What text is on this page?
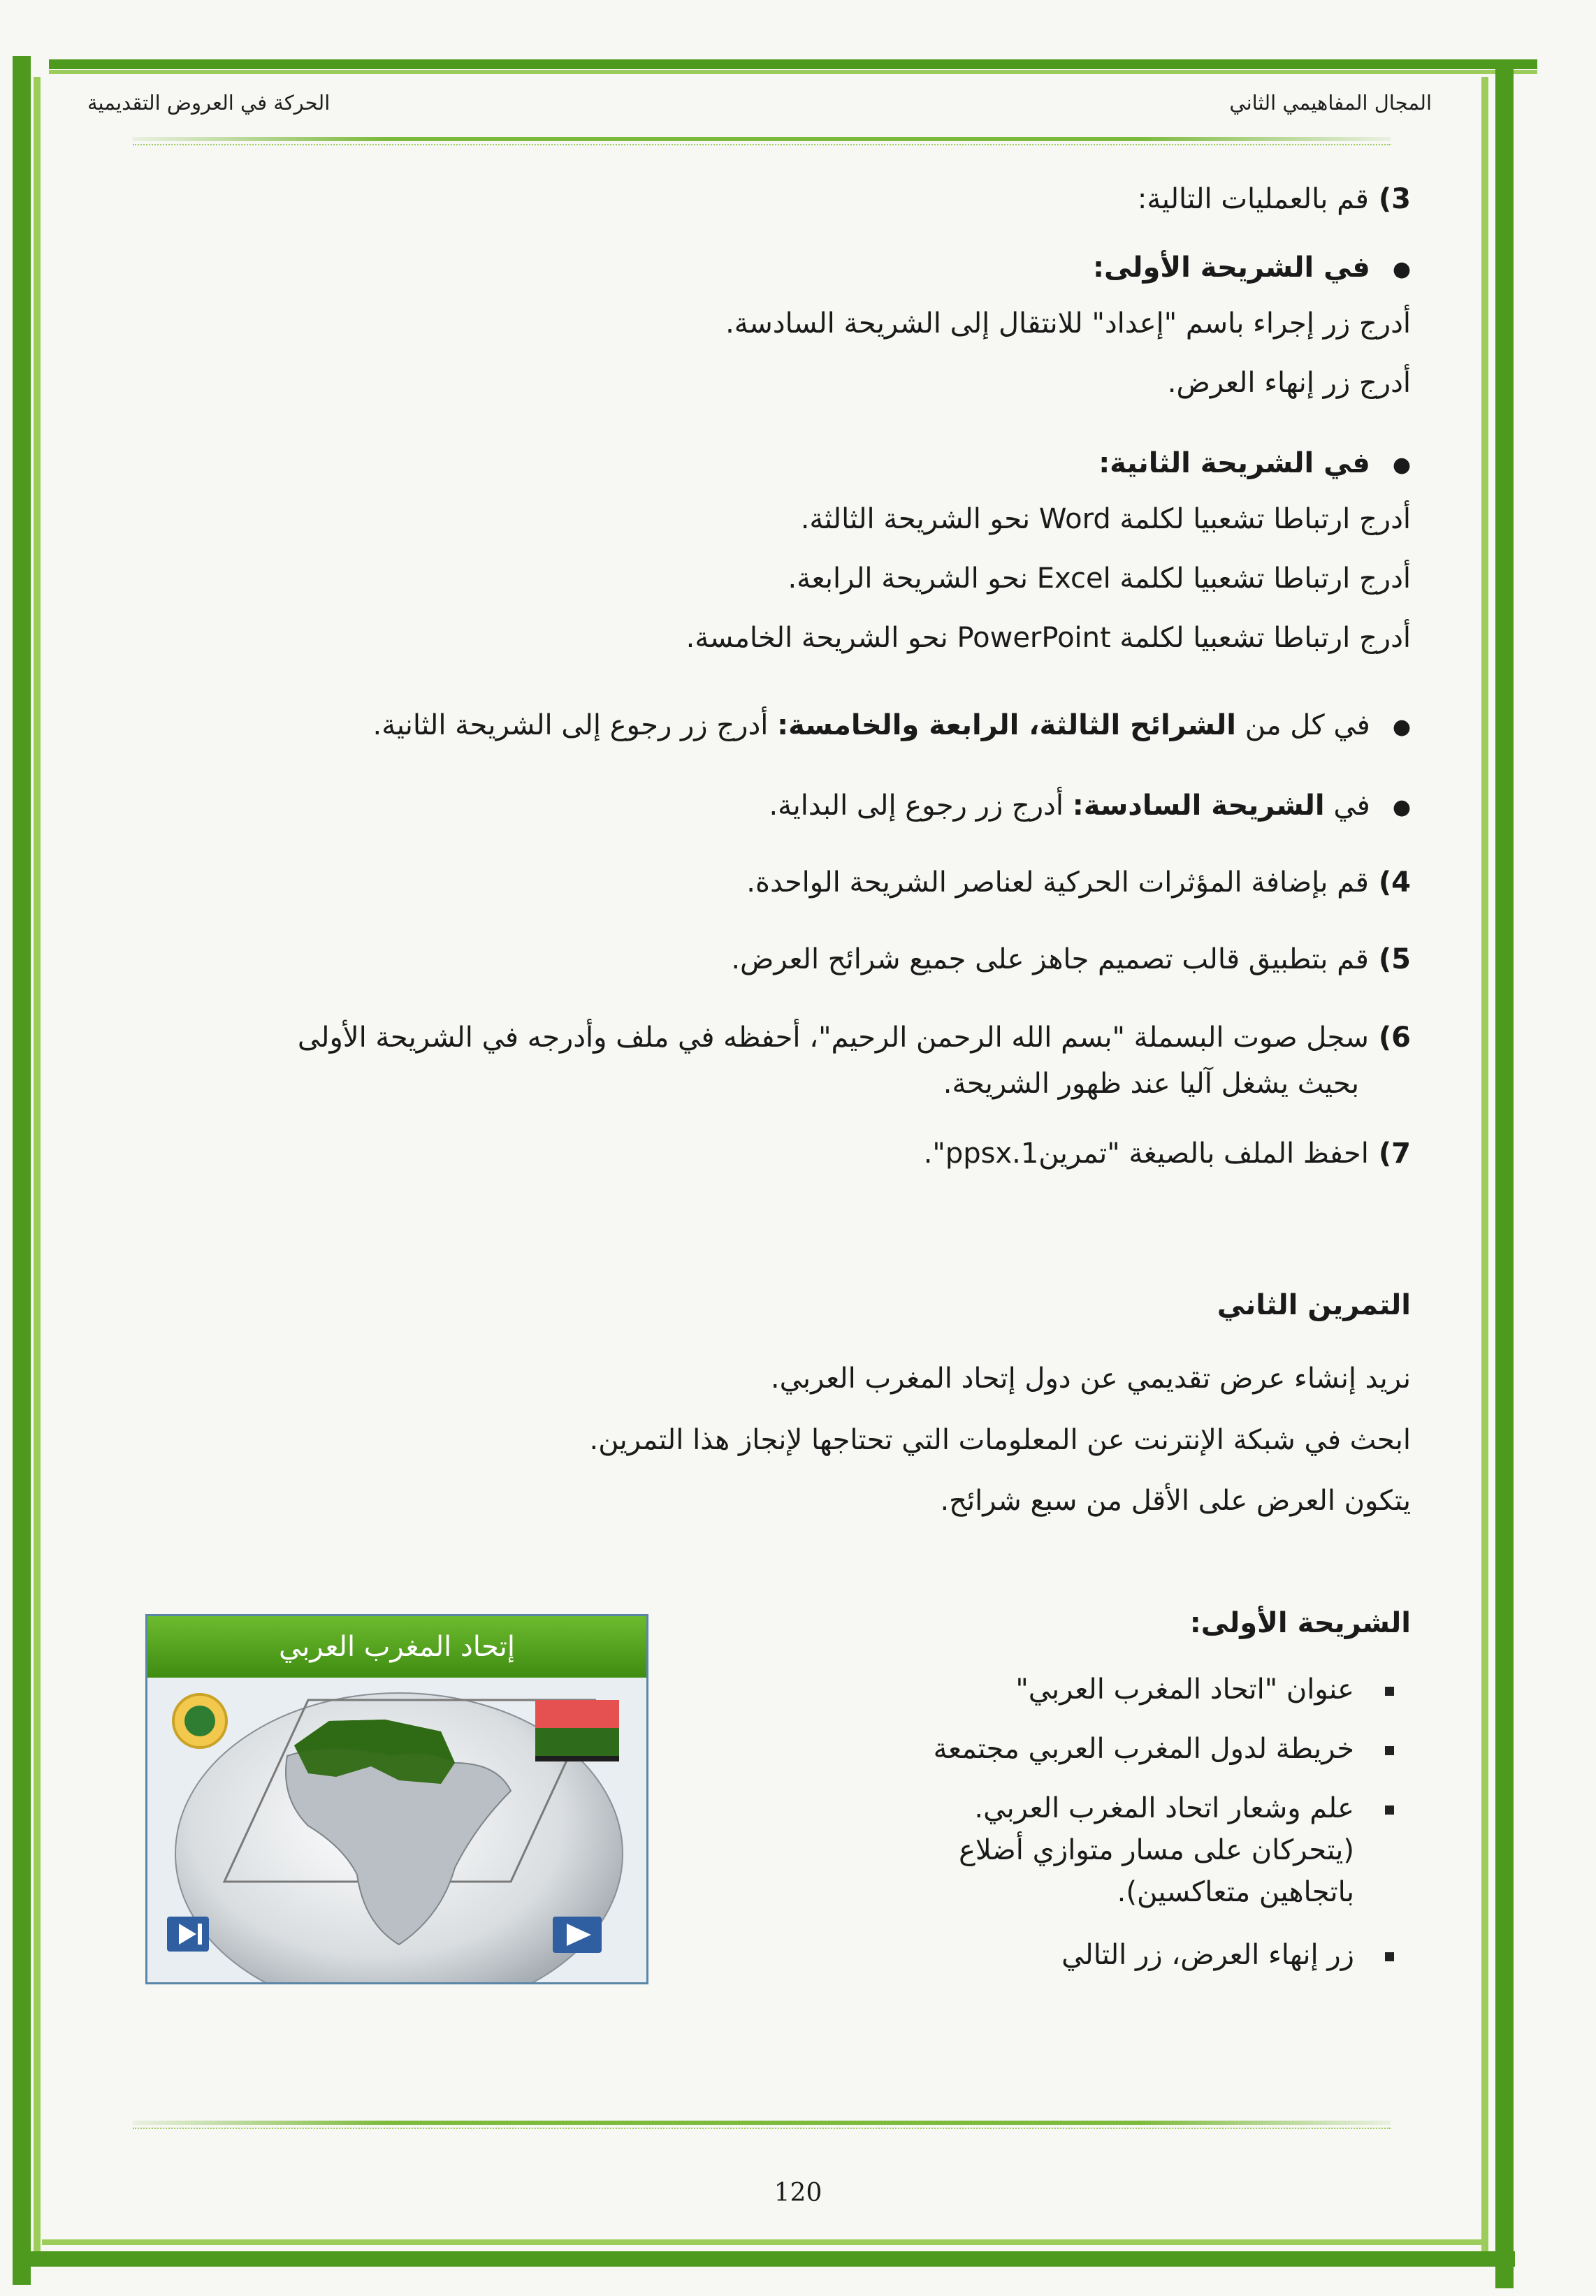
المجال المفاهيمي الثاني
الحركة في العروض التقديمية
3)قم بالعمليات التالية:
●في الشريحة الأولى:
أدرج زر إجراء باسم "إعداد" للانتقال إلى الشريحة السادسة.
أدرج زر إنهاء العرض.
●في الشريحة الثانية:
أدرج ارتباطا تشعبيا لكلمة Word نحو الشريحة الثالثة.
أدرج ارتباطا تشعبيا لكلمة Excel نحو الشريحة الرابعة.
أدرج ارتباطا تشعبيا لكلمة PowerPoint نحو الشريحة الخامسة.
●في كل من الشرائح الثالثة، الرابعة والخامسة: أدرج زر رجوع إلى الشريحة الثانية.
●في الشريحة السادسة: أدرج زر رجوع إلى البداية.
4)قم بإضافة المؤثرات الحركية لعناصر الشريحة الواحدة.
5)قم بتطبيق قالب تصميم جاهز على جميع شرائح العرض.
6)سجل صوت البسملة "بسم الله الرحمن الرحيم"، أحفظه في ملف وأدرجه في الشريحة الأولى
بحيث يشغل آليا عند ظهور الشريحة.
7)احفظ الملف بالصيغة "تمرين1.ppsx".
التمرين الثاني
نريد إنشاء عرض تقديمي عن دول إتحاد المغرب العربي.
ابحث في شبكة الإنترنت عن المعلومات التي تحتاجها لإنجاز هذا التمرين.
يتكون العرض على الأقل من سبع شرائح.
الشريحة الأولى:
عنوان "اتحاد المغرب العربي"
خريطة لدول المغرب العربي مجتمعة
علم وشعار اتحاد المغرب العربي.
(يتحركان على مسار متوازي أضلاع
باتجاهين متعاكسين).
زر إنهاء العرض، زر التالي
إتحاد المغرب العربي
120
